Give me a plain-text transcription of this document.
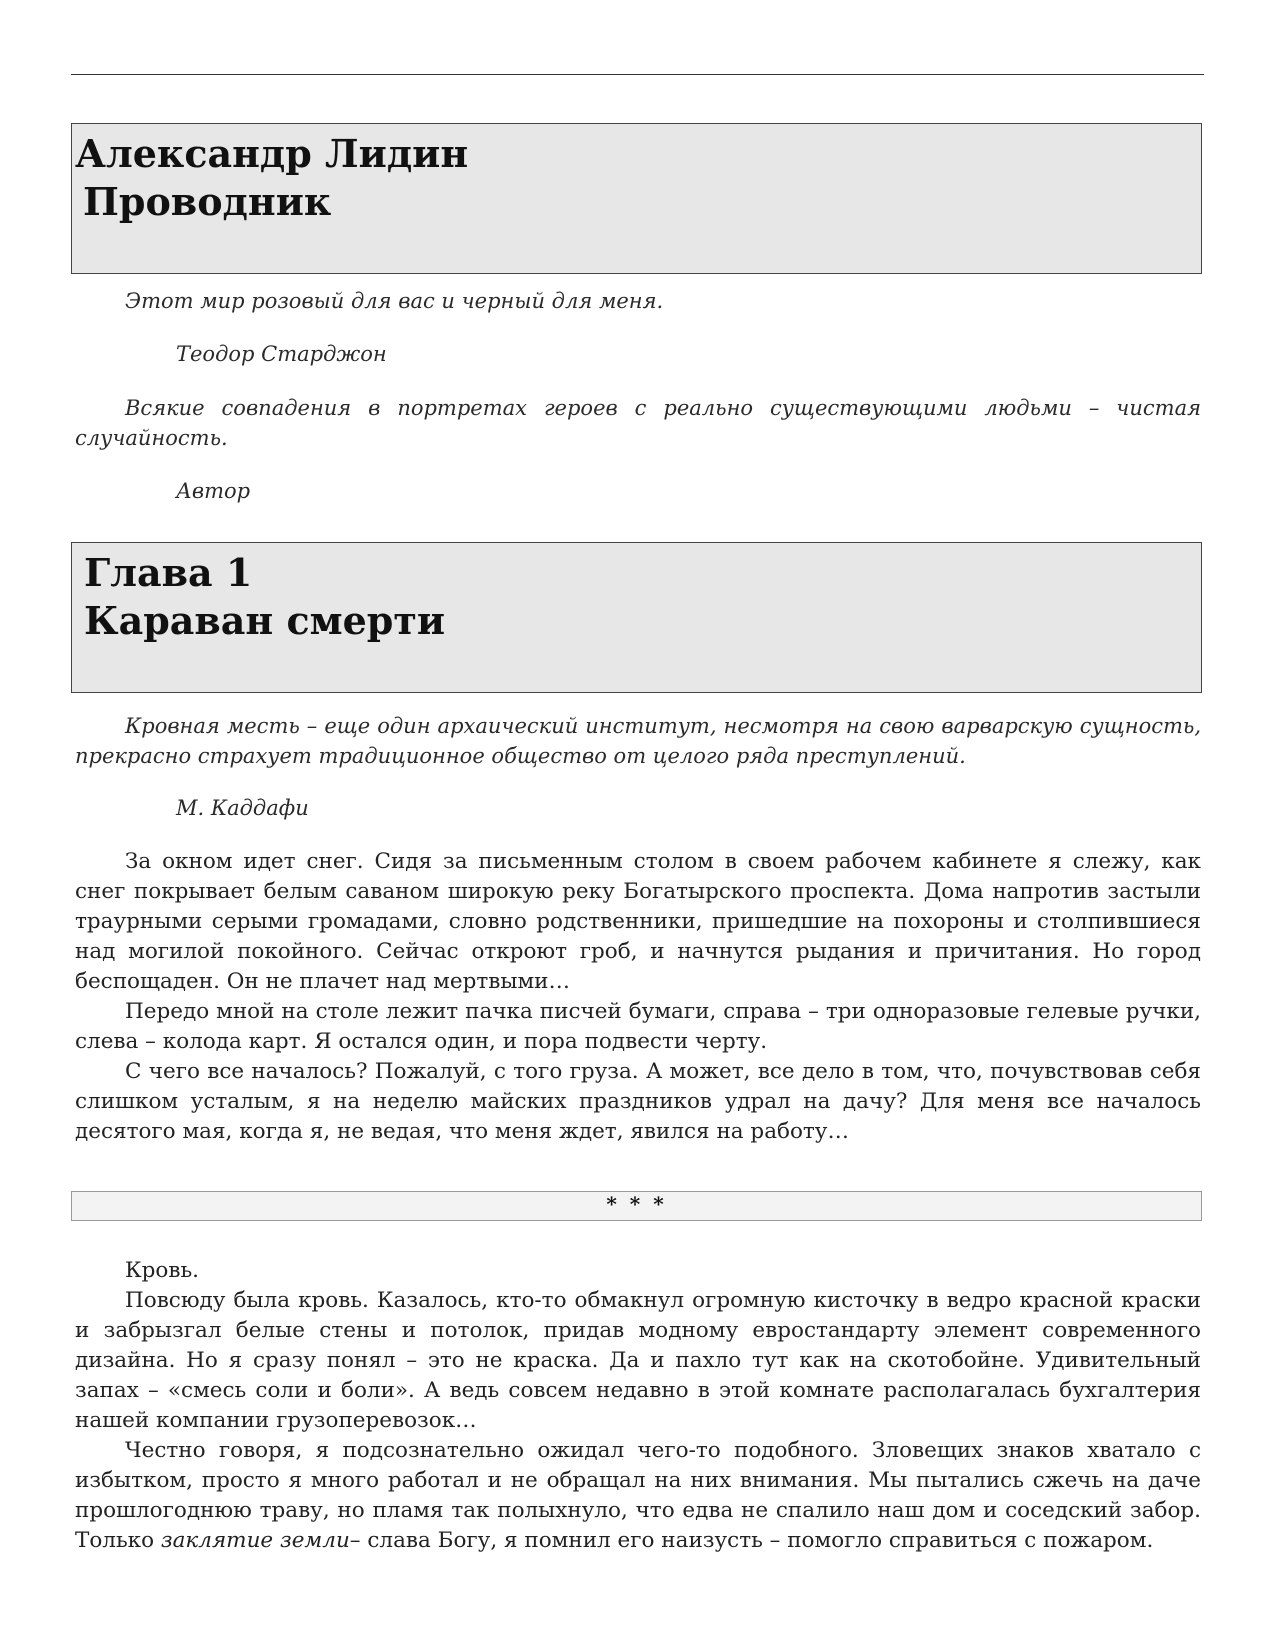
Александр Лидин
Проводник
Этот мир розовый для вас и черный для меня.
Теодор Старджон
Всякие совпадения в портретах героев с реально существующими людьми – чистая случайность.
Автор
Глава 1
Караван смерти
Кровная месть – еще один архаический институт, несмотря на свою варварскую сущность, прекрасно страхует традиционное общество от целого ряда преступлений.
М. Каддафи

За окном идет снег. Сидя за письменным столом в своем рабочем кабинете я слежу, как снег покрывает белым саваном широкую реку Богатырского проспекта. Дома напротив застыли траурными серыми громадами, словно родственники, пришедшие на похороны и столпившиеся над могилой покойного. Сейчас откроют гроб, и начнутся рыдания и причитания. Но город беспощаден. Он не плачет над мертвыми…

Передо мной на столе лежит пачка писчей бумаги, справа – три одноразовые гелевые ручки, слева – колода карт. Я остался один, и пора подвести черту.

С чего все началось? Пожалуй, с того груза. А может, все дело в том, что, почувствовав себя слишком усталым, я на неделю майских праздников удрал на дачу? Для меня все началось десятого мая, когда я, не ведая, что меня ждет, явился на работу…

* * *

Кровь.

Повсюду была кровь. Казалось, кто-то обмакнул огромную кисточку в ведро красной краски и забрызгал белые стены и потолок, придав модному евростандарту элемент современного дизайна. Но я сразу понял – это не краска. Да и пахло тут как на скотобойне. Удивительный запах – «смесь соли и боли». А ведь совсем недавно в этой комнате располагалась бухгалтерия нашей компании грузоперевозок…

Честно говоря, я подсознательно ожидал чего-то подобного. Зловещих знаков хватало с избытком, просто я много работал и не обращал на них внимания. Мы пытались сжечь на даче прошлогоднюю траву, но пламя так полыхнуло, что едва не спалило наш дом и соседский забор. Только заклятие земли– слава Богу, я помнил его наизусть – помогло справиться с пожаром.
